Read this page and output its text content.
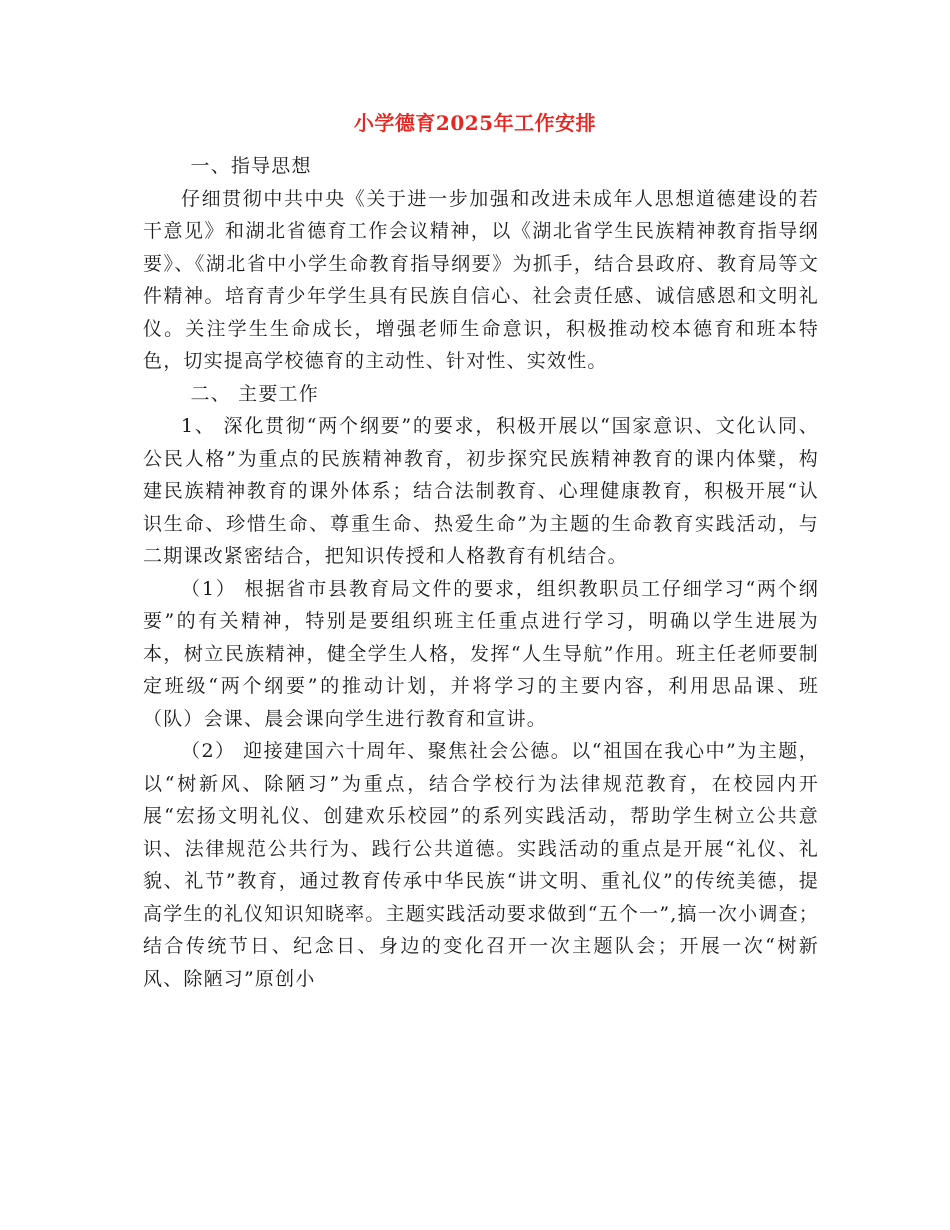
小学德育2025年工作安排

一、指导思想

仔细贯彻中共中央《关于进一步加强和改进未成年人思想道德建设的若干意见》和湖北省德育工作会议精神，以《湖北省学生民族精神教育指导纲要》、《湖北省中小学生命教育指导纲要》为抓手，结合县政府、教育局等文件精神。培育青少年学生具有民族自信心、社会责任感、诚信感恩和文明礼仪。关注学生生命成长，增强老师生命意识，积极推动校本德育和班本特色，切实提高学校德育的主动性、针对性、实效性。

二、 主要工作

1、 深化贯彻“两个纲要”的要求，积极开展以“国家意识、文化认同、公民人格”为重点的民族精神教育，初步探究民族精神教育的课内体糪，构建民族精神教育的课外体系；结合法制教育、心理健康教育，积极开展“认识生命、珍惜生命、尊重生命、热爱生命”为主题的生命教育实践活动，与二期课改紧密结合，把知识传授和人格教育有机结合。

（1） 根据省市县教育局文件的要求，组织教职员工仔细学习“两个纲要”的有关精神，特别是要组织班主任重点进行学习，明确以学生进展为本，树立民族精神，健全学生人格，发挥“人生导航”作用。班主任老师要制定班级“两个纲要”的推动计划，并将学习的主要内容，利用思品课、班（队）会课、晨会课向学生进行教育和宣讲。

（2） 迎接建国六十周年、聚焦社会公德。以“祖国在我心中”为主题，以“树新风、除陋习”为重点，结合学校行为法律规范教育，在校园内开展“宏扬文明礼仪、创建欢乐校园”的系列实践活动，帮助学生树立公共意识、法律规范公共行为、践行公共道德。实践活动的重点是开展“礼仪、礼貌、礼节”教育，通过教育传承中华民族“讲文明、重礼仪”的传统美德，提高学生的礼仪知识知晓率。主题实践活动要求做到“五个一”,搞一次小调查；结合传统节日、纪念日、身边的变化召开一次主题队会；开展一次“树新风、除陋习”原创小
